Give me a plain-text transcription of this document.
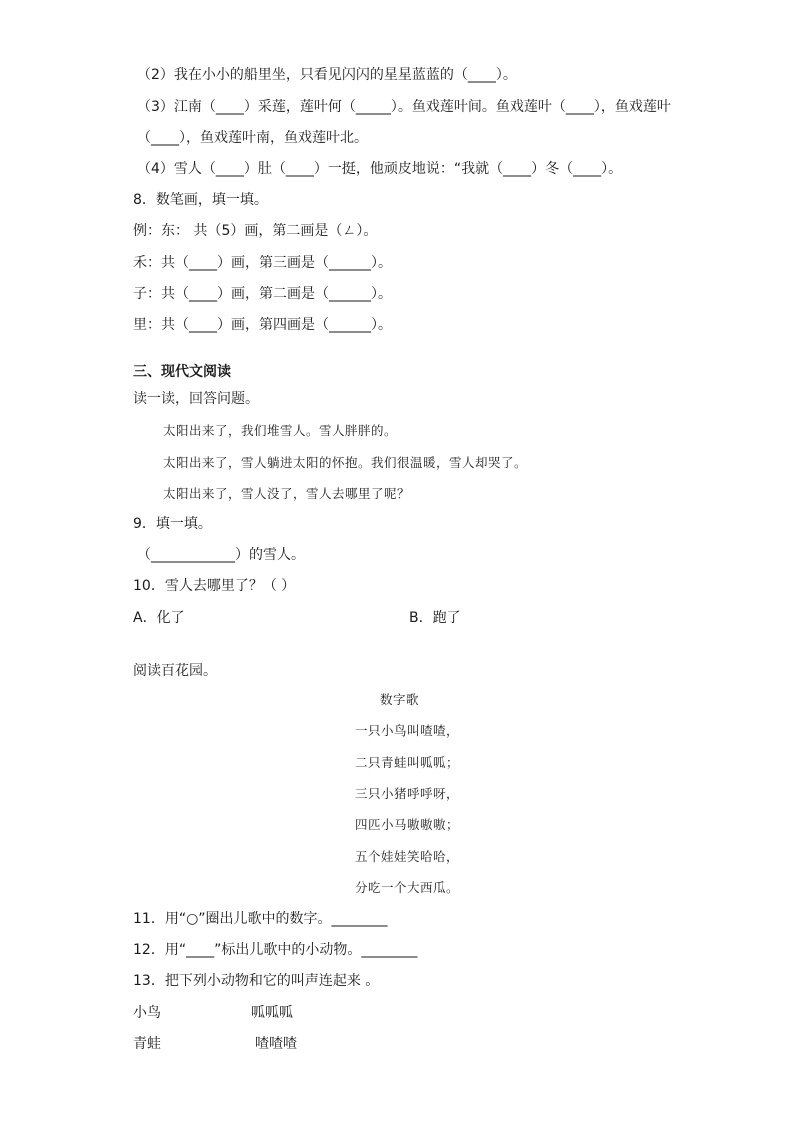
（2）我在小小的船里坐，只看见闪闪的星星蓝蓝的（____）。
（3）江南（____）采莲，莲叶何（_____）。鱼戏莲叶间。鱼戏莲叶（____），鱼戏莲叶
（____），鱼戏莲叶南，鱼戏莲叶北。
（4）雪人（____）肚（____）一挺，他顽皮地说：“我就（____）冬（____）。
8．数笔画，填一填。
例：东： 共（5）画，第二画是（ㄥ）。
禾：共（____）画，第三画是（______）。
子：共（____）画，第二画是（______）。
里：共（____）画，第四画是（______）。
三、现代文阅读
读一读，回答问题。
太阳出来了，我们堆雪人。雪人胖胖的。
太阳出来了，雪人躺进太阳的怀抱。我们很温暖，雪人却哭了。
太阳出来了，雪人没了，雪人去哪里了呢？
9．填一填。
（____________）的雪人。
10．雪人去哪里了？（ ）
A．化了	B．跑了
阅读百花园。
数字歌
一只小鸟叫喳喳，
二只青蛙叫呱呱；
三只小猪呼呼呀，
四匹小马嗷嗷嗷；
五个娃娃笑哈哈，
分吃一个大西瓜。
11．用“○”圈出儿歌中的数字。________
12．用“____”标出儿歌中的小动物。________
13．把下列小动物和它的叫声连起来 。
小鸟	呱呱呱
青蛙	喳喳喳
